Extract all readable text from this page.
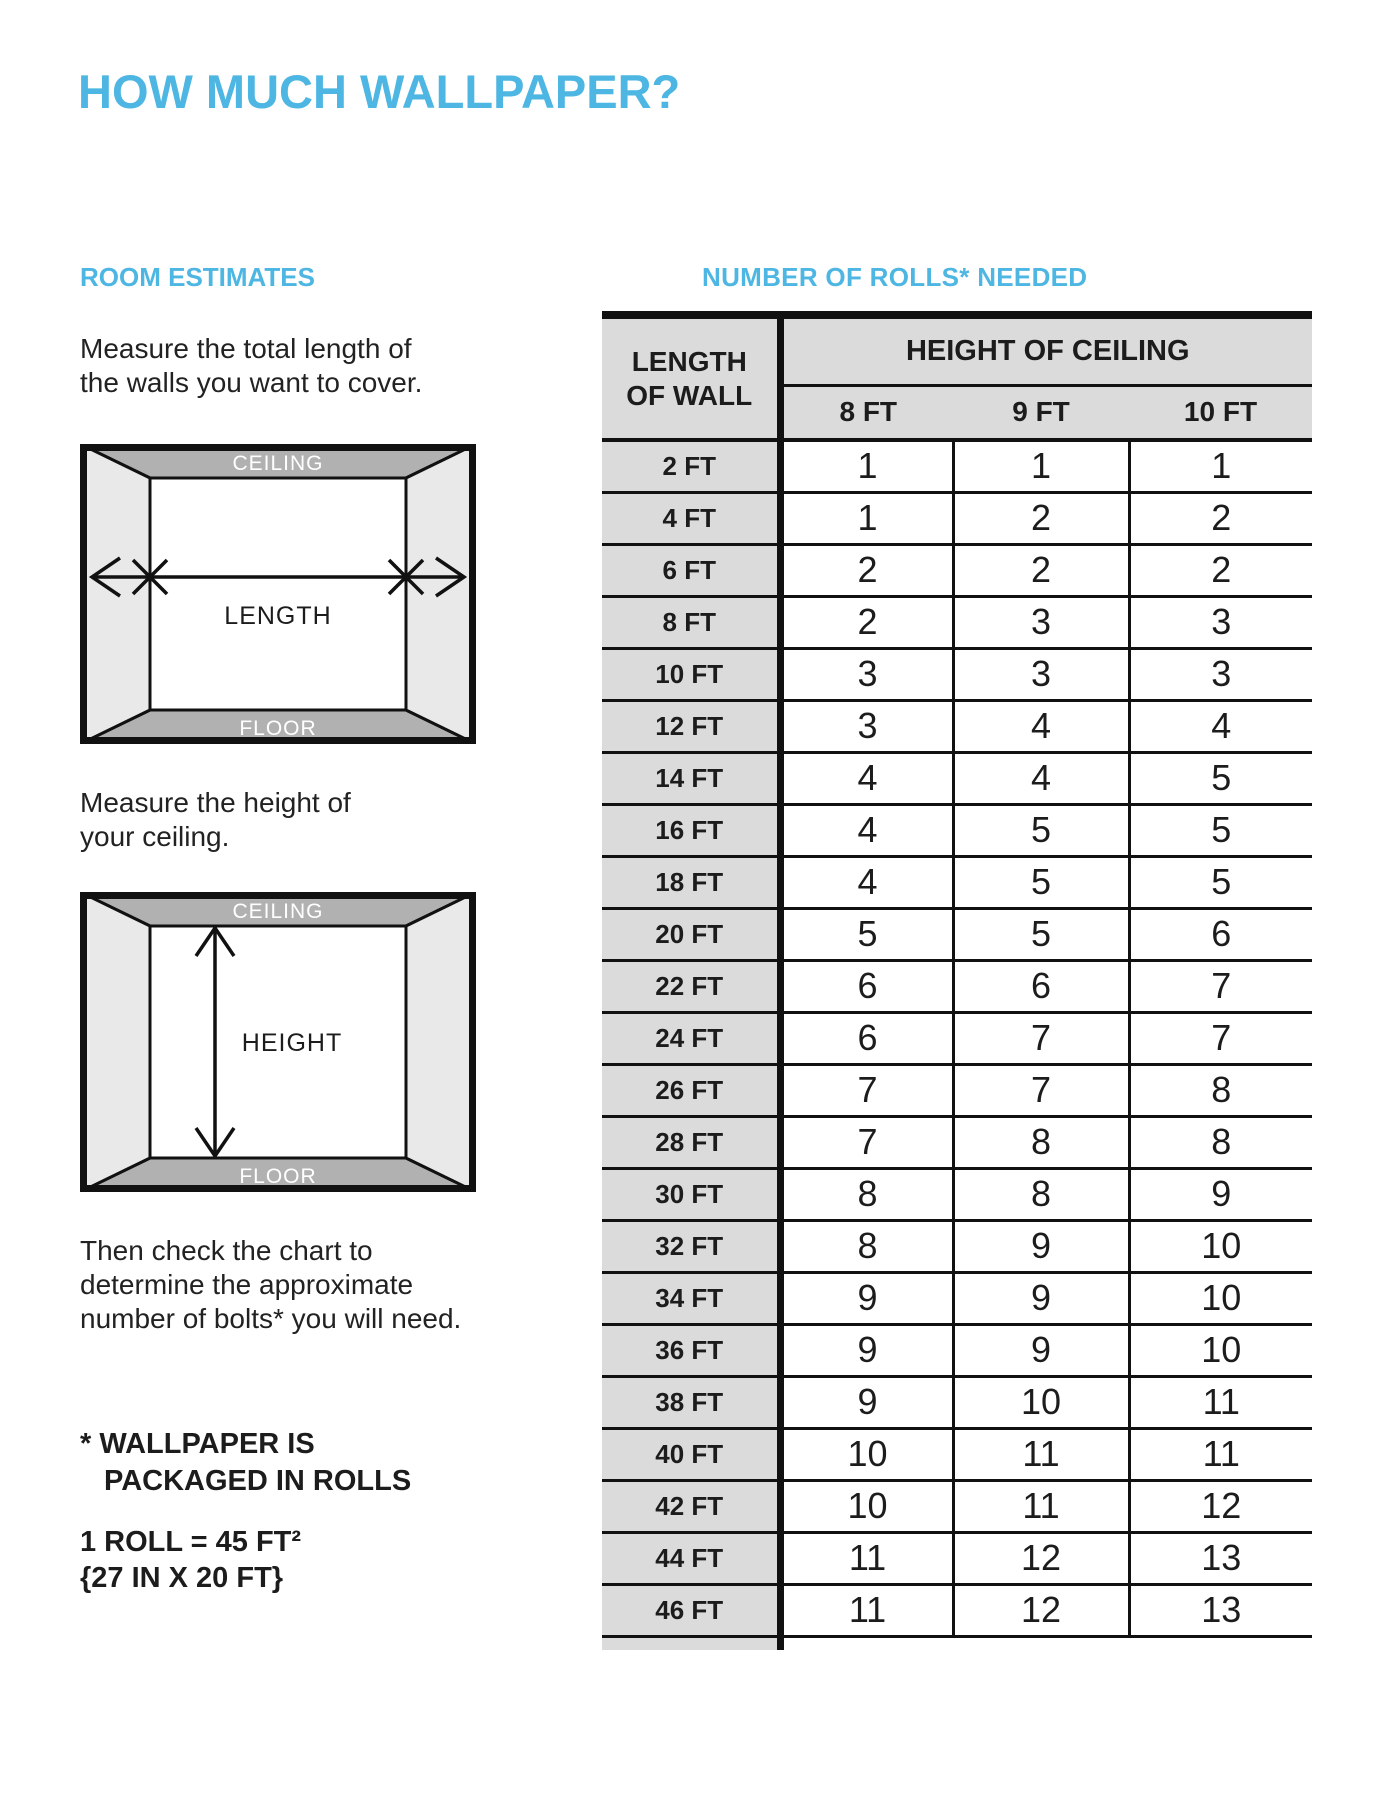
HOW MUCH WALLPAPER?
ROOM ESTIMATES

Measure the total length of
the walls you want to cover.

CEILING
FLOOR
LENGTH

Measure the height of
your ceiling.

CEILING
FLOOR
HEIGHT

Then check the chart to
determine the approximate
number of bolts* you will need.

* WALLPAPER IS
PACKAGED IN ROLLS

1 ROLL = 45 FT²
{27 IN X 20 FT}

NUMBER OF ROLLS* NEEDED
LENGTH
OF WALL	HEIGHT OF CEILING		
	8 FT	9 FT	10 FT
2 FT	1	1	1
4 FT	1	2	2
6 FT	2	2	2
8 FT	2	3	3
10 FT	3	3	3
12 FT	3	4	4
14 FT	4	4	5
16 FT	4	5	5
18 FT	4	5	5
20 FT	5	5	6
22 FT	6	6	7
24 FT	6	7	7
26 FT	7	7	8
28 FT	7	8	8
30 FT	8	8	9
32 FT	8	9	10
34 FT	9	9	10
36 FT	9	9	10
38 FT	9	10	11
40 FT	10	11	11
42 FT	10	11	12
44 FT	11	12	13
46 FT	11	12	13
